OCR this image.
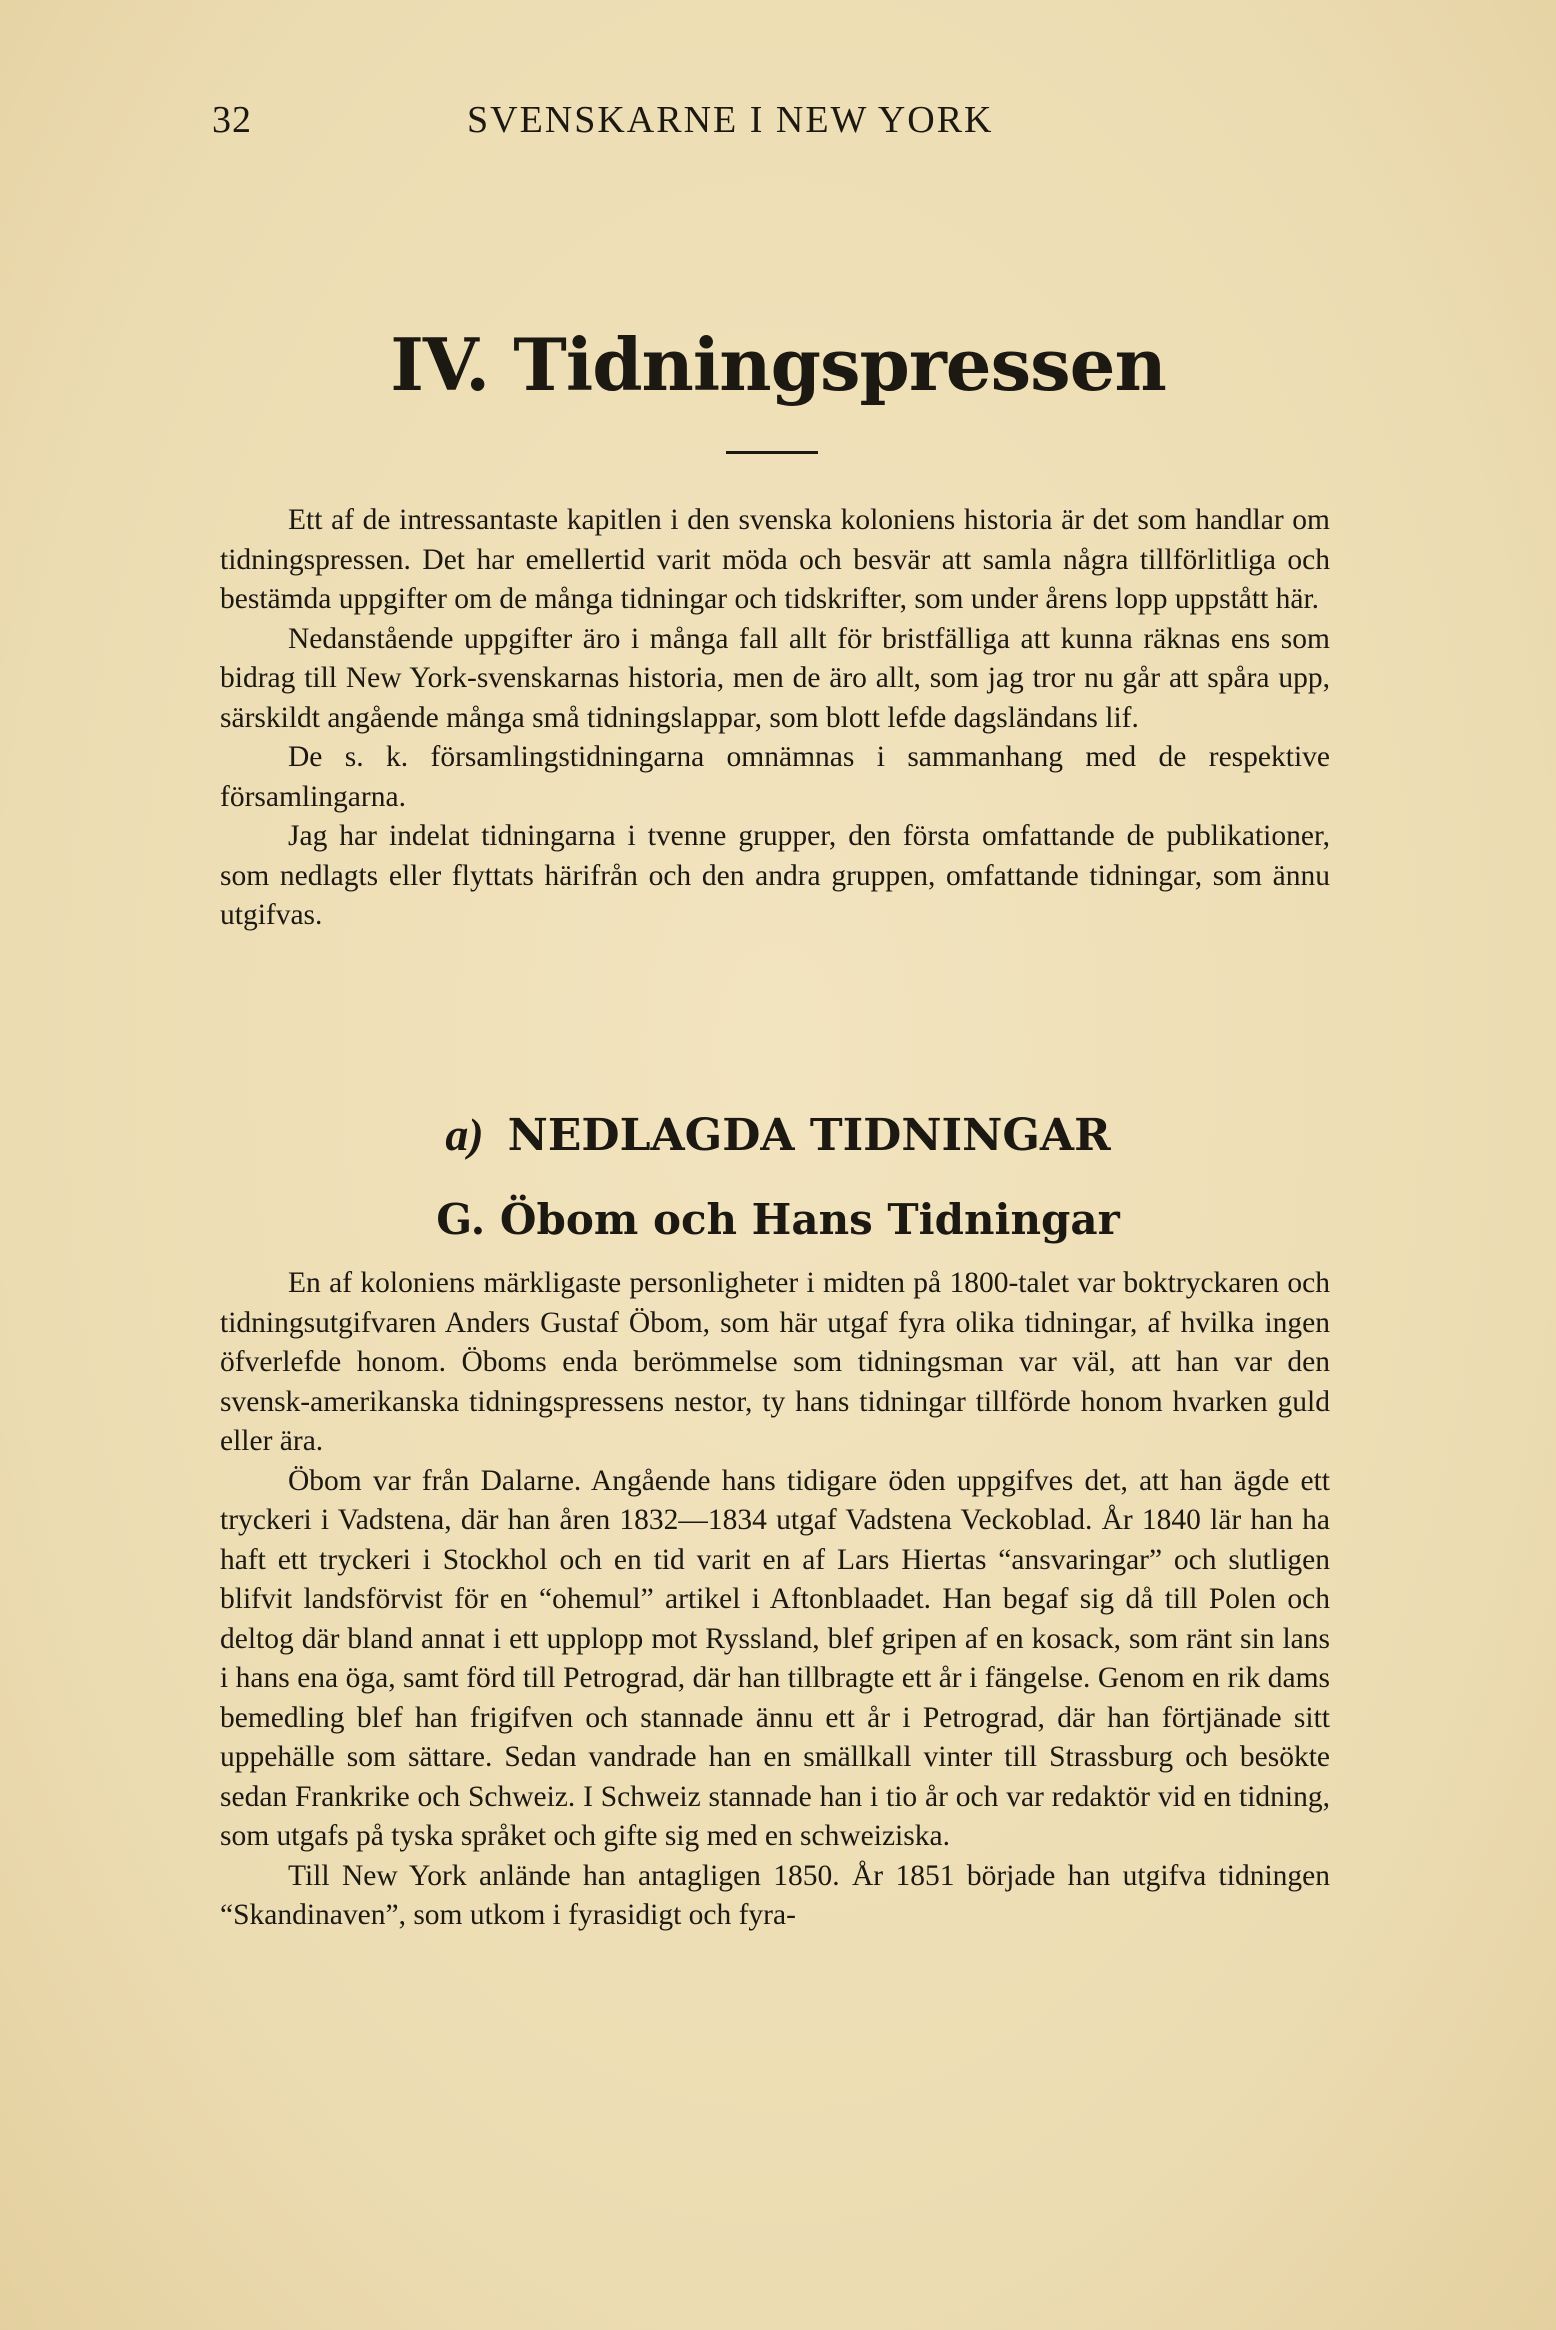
32	SVENSKARNE I NEW YORK
IV. Tidningspressen

Ett af de intressantaste kapitlen i den svenska koloniens historia är det som handlar om tidningspressen. Det har emellertid varit möda och besvär att samla några tillförlitliga och bestämda uppgifter om de många tidningar och tidskrifter, som under årens lopp uppstått här.

Nedanstående uppgifter äro i många fall allt för bristfälliga att kunna räknas ens som bidrag till New York-svenskarnas historia, men de äro allt, som jag tror nu går att spåra upp, särskildt angående många små tidningslappar, som blott lefde dagsländans lif.

De s. k. församlingstidningarna omnämnas i sammanhang med de respektive församlingarna.

Jag har indelat tidningarna i tvenne grupper, den första omfattande de publikationer, som nedlagts eller flyttats härifrån och den andra gruppen, omfattande tidningar, som ännu utgifvas.

a) NEDLAGDA TIDNINGAR
G. Öbom och Hans Tidningar

En af koloniens märkligaste personligheter i midten på 1800-talet var boktryckaren och tidningsutgifvaren Anders Gustaf Öbom, som här utgaf fyra olika tidningar, af hvilka ingen öfverlefde honom. Öboms enda berömmelse som tidningsman var väl, att han var den svensk-amerikanska tidningspressens nestor, ty hans tidningar tillförde honom hvarken guld eller ära.

Öbom var från Dalarne. Angående hans tidigare öden uppgifves det, att han ägde ett tryckeri i Vadstena, där han åren 1832—1834 utgaf Vadstena Veckoblad. År 1840 lär han ha haft ett tryckeri i Stockhol och en tid varit en af Lars Hiertas “ansvaringar” och slutligen blifvit landsförvist för en “ohemul” artikel i Aftonblaadet. Han begaf sig då till Polen och deltog där bland annat i ett upplopp mot Ryssland, blef gripen af en kosack, som ränt sin lans i hans ena öga, samt förd till Petrograd, där han tillbragte ett år i fängelse. Genom en rik dams bemedling blef han frigifven och stannade ännu ett år i Petrograd, där han förtjänade sitt uppehälle som sättare. Sedan vandrade han en smällkall vinter till Strassburg och besökte sedan Frankrike och Schweiz. I Schweiz stannade han i tio år och var redaktör vid en tidning, som utgafs på tyska språket och gifte sig med en schweiziska.

Till New York anlände han antagligen 1850. År 1851 började han utgifva tidningen “Skandinaven”, som utkom i fyrasidigt och fyra-
